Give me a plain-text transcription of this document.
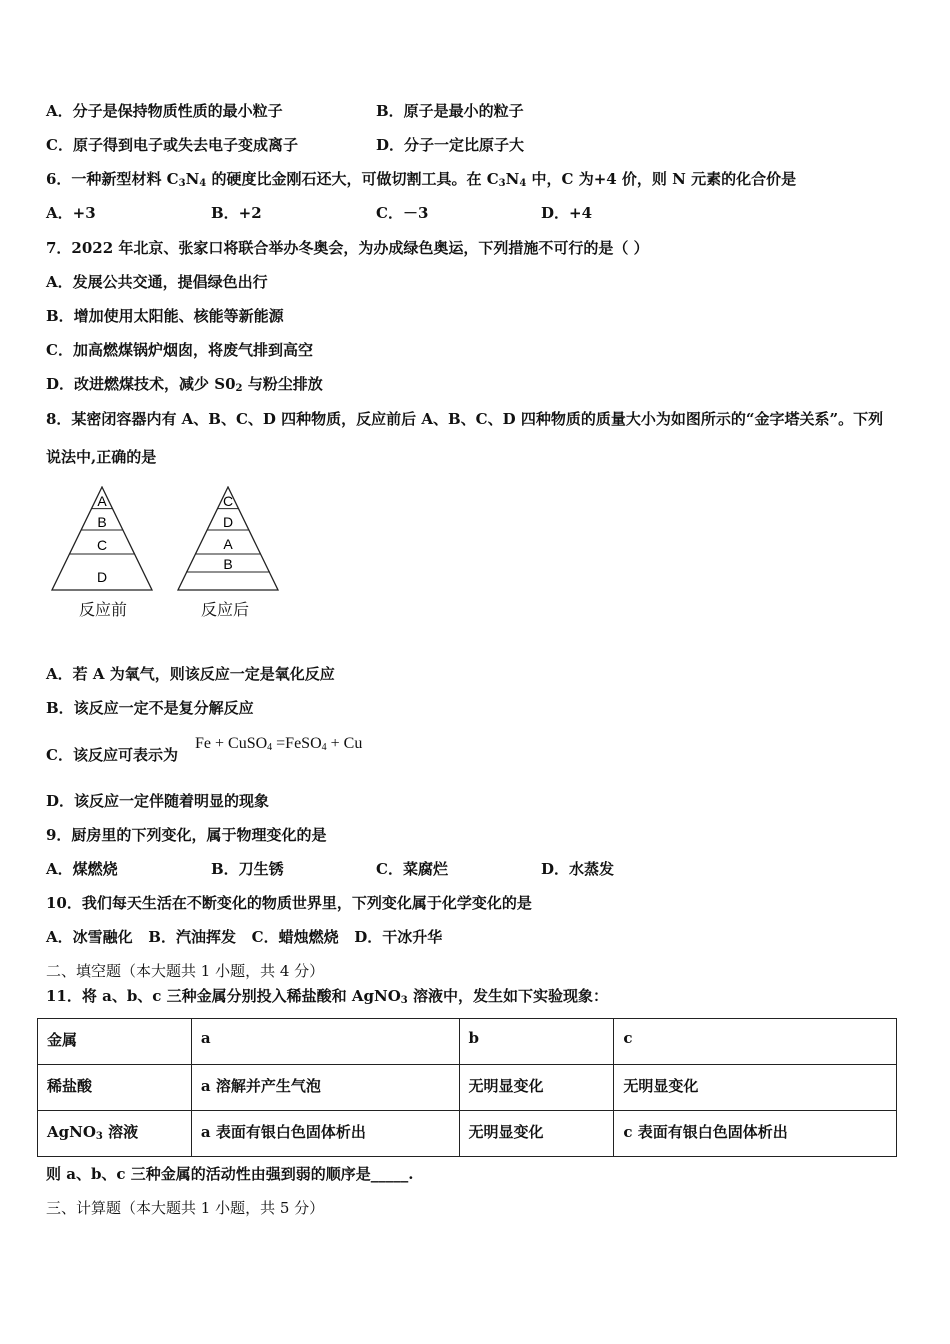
A．分子是保持物质性质的最小粒子	B．原子是最小的粒子
C．原子得到电子或失去电子变成离子	D．分子一定比原子大
6．一种新型材料 $C_3N_4$ 的硬度比金刚石还大，可做切割工具。在 $C_3N_4$ 中，C 为+4 价，则 N 元素的化合价是
A．+3	B．+2	C．－3	D．+4
7．2022 年北京、张家口将联合举办冬奥会，为办成绿色奥运，下列措施不可行的是（ ）
A．发展公共交通，提倡绿色出行
B．增加使用太阳能、核能等新能源
C．加高燃煤锅炉烟囱，将废气排到高空
D．改进燃煤技术，减少 $S0_2$ 与粉尘排放
8．某密闭容器内有 A、B、C、D 四种物质，反应前后 A、B、C、D 四种物质的质量大小为如图所示的“金字塔关系”。下列
说法中,正确的是
A
B
C
D
反应前
C
D
A
B
反应后
A．若 A 为氧气，则该反应一定是氧化反应
B．该反应一定不是复分解反应
C．该反应可表示为
Fe + CuSO$_4$ =FeSO$_4$ + Cu
D．该反应一定伴随着明显的现象
9．厨房里的下列变化，属于物理变化的是
A．煤燃烧	B．刀生锈	C．菜腐烂	D．水蒸发
10．我们每天生活在不断变化的物质世界里，下列变化属于化学变化的是
A．冰雪融化   B．汽油挥发   C．蜡烛燃烧   D．干冰升华
二、填空题（本大题共 1 小题，共 4 分）
11．将 a、b、c 三种金属分别投入稀盐酸和 AgNO$_3$ 溶液中，发生如下实验现象：
金属	a	b	c
稀盐酸	a 溶解并产生气泡	无明显变化	无明显变化
AgNO$_3$ 溶液	a 表面有银白色固体析出	无明显变化	c 表面有银白色固体析出
则 a、b、c 三种金属的活动性由强到弱的顺序是_____.
三、计算题（本大题共 1 小题，共 5 分）
